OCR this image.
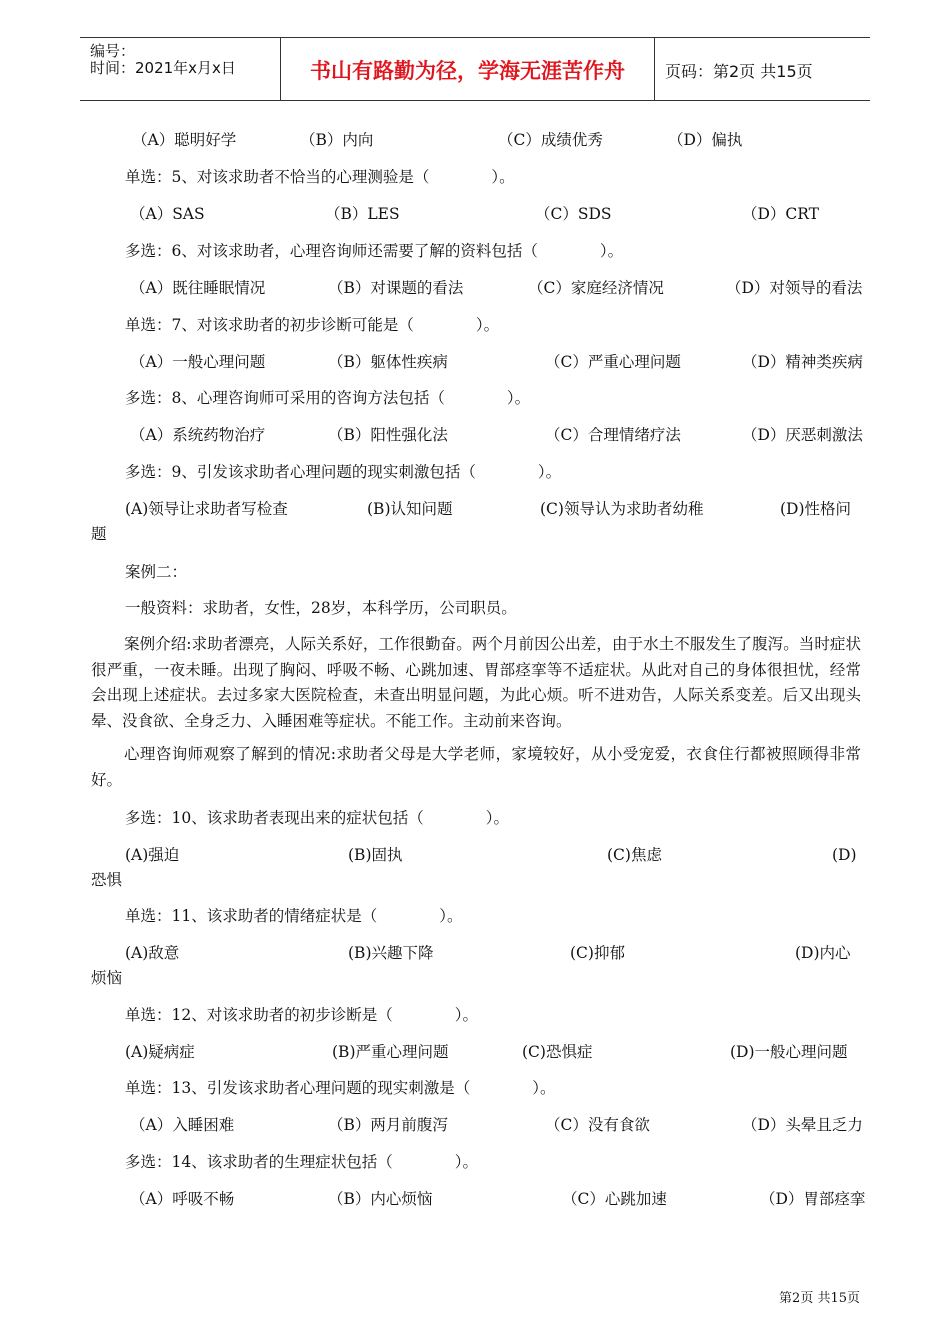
编号：
时间：2021年x月x日	书山有路勤为径，学海无涯苦作舟	页码：第2页 共15页
（A）聪明好学	（B）内向	（C）成绩优秀	（D）偏执
单选：5、对该求助者不恰当的心理测验是（　　　　）。
（A）SAS	（B）LES	（C）SDS	（D）CRT
多选：6、对该求助者，心理咨询师还需要了解的资料包括（　　　　）。
（A）既往睡眠情况	（B）对课题的看法	（C）家庭经济情况	（D）对领导的看法
单选：7、对该求助者的初步诊断可能是（　　　　）。
（A）一般心理问题	（B）躯体性疾病	（C）严重心理问题	（D）精神类疾病
多选：8、心理咨询师可采用的咨询方法包括（　　　　）。
（A）系统药物治疗	（B）阳性强化法	（C）合理情绪疗法	（D）厌恶刺激法
多选：9、引发该求助者心理问题的现实刺激包括（　　　　）。
(A)领导让求助者写检查	(B)认知问题	(C)领导认为求助者幼稚	(D)性格问
题
案例二：
一般资料：求助者，女性，28岁，本科学历，公司职员。
案例介绍:求助者漂亮，人际关系好，工作很勤奋。两个月前因公出差，由于水土不服发生了腹泻。当时症状很严重，一夜未睡。出现了胸闷、呼吸不畅、心跳加速、胃部痉挛等不适症状。从此对自己的身体很担忧，经常会出现上述症状。去过多家大医院检查，未查出明显问题，为此心烦。听不进劝告，人际关系变差。后又出现头晕、没食欲、全身乏力、入睡困难等症状。不能工作。主动前来咨询。
心理咨询师观察了解到的情况:求助者父母是大学老师，家境较好，从小受宠爱，衣食住行都被照顾得非常好。
多选：10、该求助者表现出来的症状包括（　　　　）。
(A)强迫	(B)固执	(C)焦虑	(D)
恐惧
单选：11、该求助者的情绪症状是（　　　　）。
(A)敌意	(B)兴趣下降	(C)抑郁	(D)内心
烦恼
单选：12、对该求助者的初步诊断是（　　　　）。
(A)疑病症	(B)严重心理问题	(C)恐惧症	(D)一般心理问题
单选：13、引发该求助者心理问题的现实刺激是（　　　　）。
（A）入睡困难	（B）两月前腹泻	（C）没有食欲	（D）头晕且乏力
多选：14、该求助者的生理症状包括（　　　　）。
（A）呼吸不畅	（B）内心烦恼	（C）心跳加速	（D）胃部痉挛
第2页 共15页
